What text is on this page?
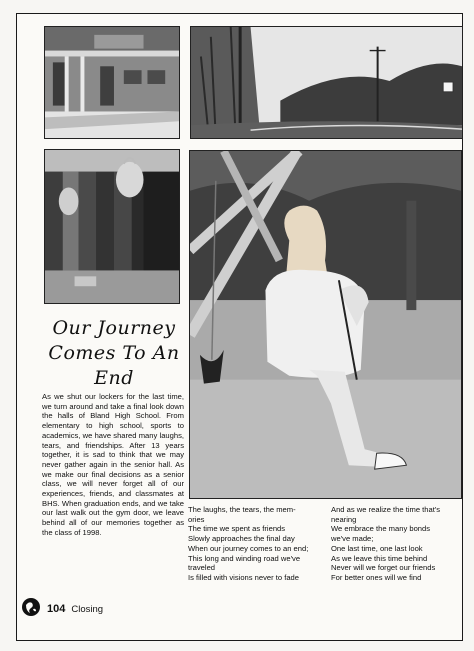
Our Journey
Comes To An
End
As we shut our lockers for the last time, we turn around and take a final look down the halls of Bland High School. From elementary to high school, sports to academics, we have shared many laughs, tears, and friendships. After 13 years together, it is sad to think that we may never gather again in the senior hall. As we make our final decisions as a senior class, we will never forget all of our experiences, friends, and classmates at BHS. When graduation ends, and we take our last walk out the gym door, we leave behind all of our memories together as the class of 1998.
The laughs, the tears, the mem-
ories
The time we spent as friends
Slowly approaches the final day
When our journey comes to an end;
This long and winding road we've
traveled
Is filled with visions never to fade
And as we realize the time that's
nearing
We embrace the many bonds
we've made;
One last time, one last look
As we leave this time behind
Never will we forget our friends
For better ones will we find
104 Closing
